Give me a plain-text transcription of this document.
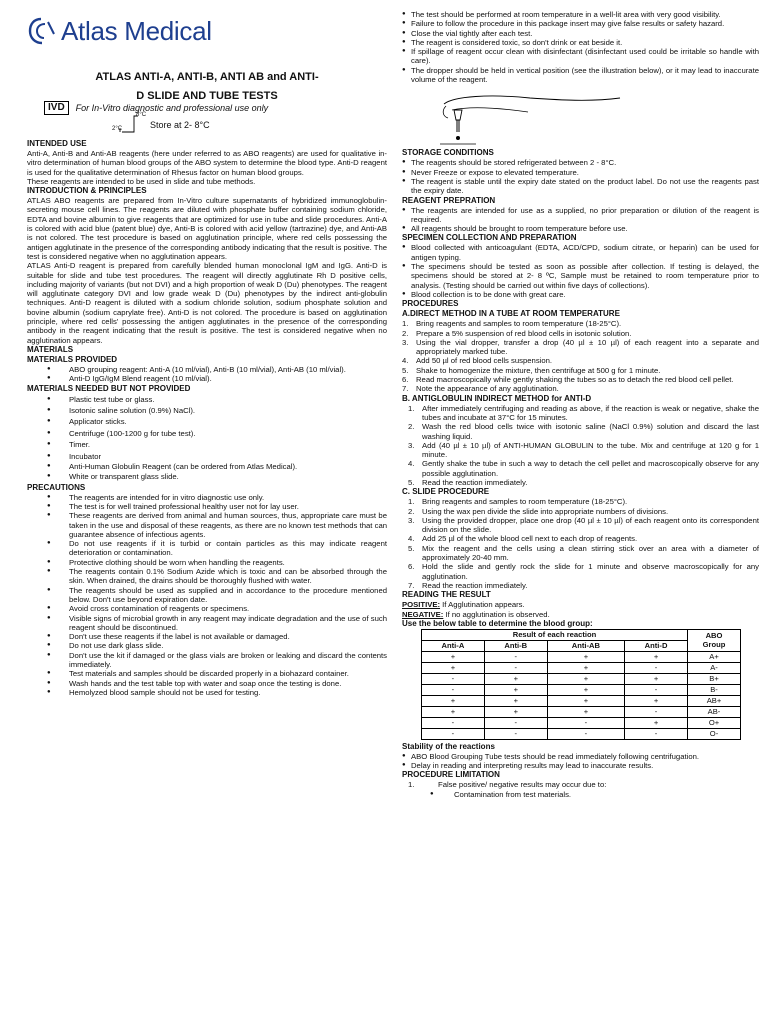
Atlas Medical
ATLAS ANTI-A, ANTI-B, ANTI AB and ANTI-
D SLIDE AND TUBE TESTS
IVD	For In-Vitro diagnostic and professional use only
2°C
8°C
Store at 2- 8°C
INTENDED USE

Anti-A, Anti-B and Anti-AB reagents (here under referred to as ABO reagents) are used for qualitative in-vitro determination of human blood groups of the ABO system to determine the blood type. Anti-D reagent is used for the qualitative determination of Rhesus factor on human blood groups.

These reagents are intended to be used in slide and tube methods.

INTRODUCTION & PRINCIPLES

ATLAS ABO reagents are prepared from In-Vitro culture supernatants of hybridized immunoglobulin-secreting mouse cell lines. The reagents are diluted with phosphate buffer containing sodium chloride, EDTA and bovine albumin to give reagents that are optimized for use in tube and slide procedures. Anti-A is colored with acid blue (patent blue) dye, Anti-B is colored with acid yellow (tartrazine) dye, and Anti-AB is not colored. The test procedure is based on agglutination principle, where red cells possessing the antigen agglutinate in the presence of the corresponding antibody indicating that the result is positive. The test is considered negative when no agglutination appears.

ATLAS Anti-D reagent is prepared from carefully blended human monoclonal IgM and IgG. Anti-D is suitable for slide and tube test procedures. The reagent will directly agglutinate Rh D positive cells, including majority of variants (but not DVI) and a high proportion of weak D (Du) phenotypes. The reagent will agglutinate category DVI and low grade weak D (Du) phenotypes by the indirect anti-globulin techniques. Anti-D reagent is diluted with a sodium chloride solution, sodium phosphate solution and bovine albumin (sodium caprylate free). Anti-D is not colored. The procedure is based on agglutination principle, where red cells' possessing the antigen agglutinates in the presence of the corresponding antibody in the reagent indicating that the result is positive. The test is considered negative when no agglutination appears.

MATERIALS
MATERIALS PROVIDED
● ABO grouping reagent: Anti-A (10 ml/vial), Anti-B (10 ml/vial), Anti-AB (10 ml/vial).
● Anti-D IgG/IgM Blend reagent (10 ml/vial).
MATERIALS NEEDED BUT NOT PROVIDED
● Plastic test tube or glass.
● Isotonic saline solution (0.9%) NaCl).
● Applicator sticks.
● Centrifuge (100-1200 g for tube test).
● Timer.
● Incubator
● Anti-Human Globulin Reagent (can be ordered from Atlas Medical).
● White or transparent glass slide.
PRECAUTIONS
● The reagents are intended for in vitro diagnostic use only.
● The test is for well trained professional healthy user not for lay user.
● These reagents are derived from animal and human sources, thus, appropriate care must be taken in the use and disposal of these reagents, as there are no known test methods that can guarantee absence of infectious agents.
● Do not use reagents if it is turbid or contain particles as this may indicate reagent deterioration or contamination.
● Protective clothing should be worn when handling the reagents.
● The reagents contain 0.1% Sodium Azide which is toxic and can be absorbed through the skin. When drained, the drains should be thoroughly flushed with water.
● The reagents should be used as supplied and in accordance to the procedure mentioned below. Don't use beyond expiration date.
● Avoid cross contamination of reagents or specimens.
● Visible signs of microbial growth in any reagent may indicate degradation and the use of such reagent should be discontinued.
● Don't use these reagents if the label is not available or damaged.
● Do not use dark glass slide.
● Don't use the kit if damaged or the glass vials are broken or leaking and discard the contents immediately.
● Test materials and samples should be discarded properly in a biohazard container.
● Wash hands and the test table top with water and soap once the testing is done.
● Hemolyzed blood sample should not be used for testing.
● The test should be performed at room temperature in a well-lit area with very good visibility.
● Failure to follow the procedure in this package insert may give false results or safety hazard.
● Close the vial tightly after each test.
● The reagent is considered toxic, so don't drink or eat beside it.
● If spillage of reagent occur clean with disinfectant (disinfectant used could be irritable so handle with care).
● The dropper should be held in vertical position (see the illustration below), or it may lead to inaccurate volume of the reagent.
STORAGE CONDITIONS
● The reagents should be stored refrigerated between 2 - 8°C.
● Never Freeze or expose to elevated temperature.
● The reagent is stable until the expiry date stated on the product label. Do not use the reagents past the expiry date.
REAGENT PREPRATION
● The reagents are intended for use as a supplied, no prior preparation or dilution of the reagent is required.
● All reagents should be brought to room temperature before use.
SPECIMEN COLLECTION AND PREPARATION
● Blood collected with anticoagulant (EDTA, ACD/CPD, sodium citrate, or heparin) can be used for antigen typing.
● The specimens should be tested as soon as possible after collection. If testing is delayed, the specimens should be stored at 2- 8 ºC, Sample must be retained to room temperature prior to analysis. (Testing should be carried out within five days of collections).
● Blood collection is to be done with great care.
PROCEDURES
A.DIRECT METHOD IN A TUBE AT ROOM TEMPERATURE
1. Bring reagents and samples to room temperature (18-25°C).
2. Prepare a 5% suspension of red blood cells in isotonic solution.
3. Using the vial dropper, transfer a drop (40 µl ± 10 µl) of each reagent into a separate and appropriately marked tube.
4. Add 50 µl of red blood cells suspension.
5. Shake to homogenize the mixture, then centrifuge at 500 g for 1 minute.
6. Read macroscopically while gently shaking the tubes so as to detach the red blood cell pellet.
7. Note the appearance of any agglutination.
B. ANTIGLOBULIN INDIRECT METHOD for ANTI-D
1. After immediately centrifuging and reading as above, if the reaction is weak or negative, shake the tubes and incubate at 37°C for 15 minutes.
2. Wash the red blood cells twice with isotonic saline (NaCl 0.9%) solution and discard the last washing liquid.
3. Add (40 µl ± 10 µl) of ANTI-HUMAN GLOBULIN to the tube. Mix and centrifuge at 120 g for 1 minute.
4. Gently shake the tube in such a way to detach the cell pellet and macroscopically observe for any possible agglutination.
5. Read the reaction immediately.
C. SLIDE PROCEDURE
1. Bring reagents and samples to room temperature (18-25°C).
2. Using the wax pen divide the slide into appropriate numbers of divisions.
3. Using the provided dropper, place one drop (40 µl ± 10 µl) of each reagent onto its correspondent division on the slide.
4. Add 25 µl of the whole blood cell next to each drop of reagents.
5. Mix the reagent and the cells using a clean stirring stick over an area with a diameter of approximately 20-40 mm.
6. Hold the slide and gently rock the slide for 1 minute and observe macroscopically for any agglutination.
7. Read the reaction immediately.
READING THE RESULT

POSITIVE: If Agglutination appears.

NEGATIVE: If no agglutination is observed.

Use the below table to determine the blood group:
Result of each reaction				ABO
Group
Anti-A	Anti-B	Anti-AB	Anti-D	
+	-	+	+	A+
+	-	+	-	A-
-	+	+	+	B+
-	+	+	-	B-
+	+	+	+	AB+
+	+	+	-	AB-
-	-	-	+	O+
-	-	-	-	O-
Stability of the reactions
● ABO Blood Grouping Tube tests should be read immediately following centrifugation.
● Delay in reading and interpreting results may lead to inaccurate results.
PROCEDURE LIMITATION

1.	False positive/ negative results may occur due to:

● Contamination from test materials.
